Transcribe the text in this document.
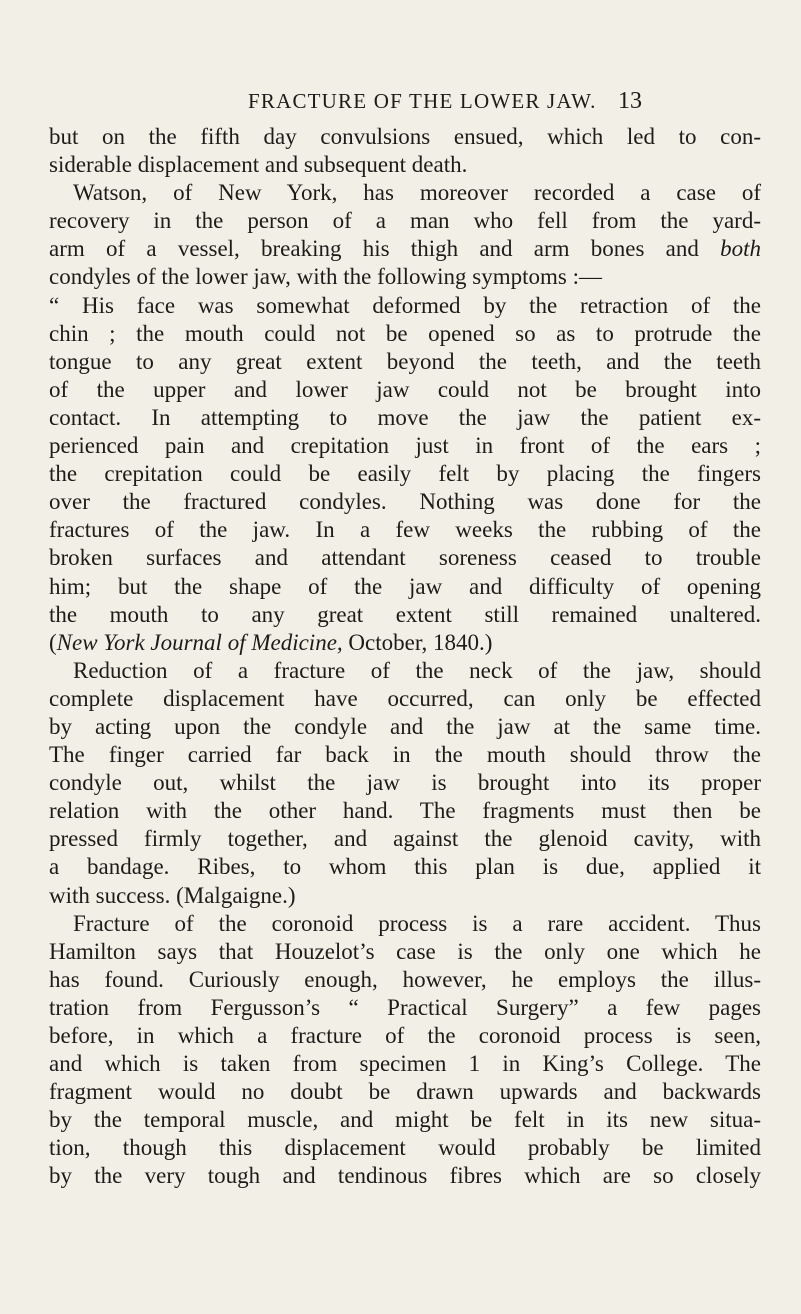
FRACTURE OF THE LOWER JAW. 13
but on the fifth day convulsions ensued, which led to con-
siderable displacement and subsequent death.
Watson, of New York, has moreover recorded a case of
recovery in the person of a man who fell from the yard-
arm of a vessel, breaking his thigh and arm bones and both
condyles of the lower jaw, with the following symptoms :—
“ His face was somewhat deformed by the retraction of the
chin ; the mouth could not be opened so as to protrude the
tongue to any great extent beyond the teeth, and the teeth
of the upper and lower jaw could not be brought into
contact. In attempting to move the jaw the patient ex-
perienced pain and crepitation just in front of the ears ;
the crepitation could be easily felt by placing the fingers
over the fractured condyles. Nothing was done for the
fractures of the jaw. In a few weeks the rubbing of the
broken surfaces and attendant soreness ceased to trouble
him; but the shape of the jaw and difficulty of opening
the mouth to any great extent still remained unaltered.
(New York Journal of Medicine, October, 1840.)
Reduction of a fracture of the neck of the jaw, should
complete displacement have occurred, can only be effected
by acting upon the condyle and the jaw at the same time.
The finger carried far back in the mouth should throw the
condyle out, whilst the jaw is brought into its proper
relation with the other hand. The fragments must then be
pressed firmly together, and against the glenoid cavity, with
a bandage. Ribes, to whom this plan is due, applied it
with success. (Malgaigne.)
Fracture of the coronoid process is a rare accident. Thus
Hamilton says that Houzelot’s case is the only one which he
has found. Curiously enough, however, he employs the illus-
tration from Fergusson’s “ Practical Surgery” a few pages
before, in which a fracture of the coronoid process is seen,
and which is taken from specimen 1 in King’s College. The
fragment would no doubt be drawn upwards and backwards
by the temporal muscle, and might be felt in its new situa-
tion, though this displacement would probably be limited
by the very tough and tendinous fibres which are so closely
